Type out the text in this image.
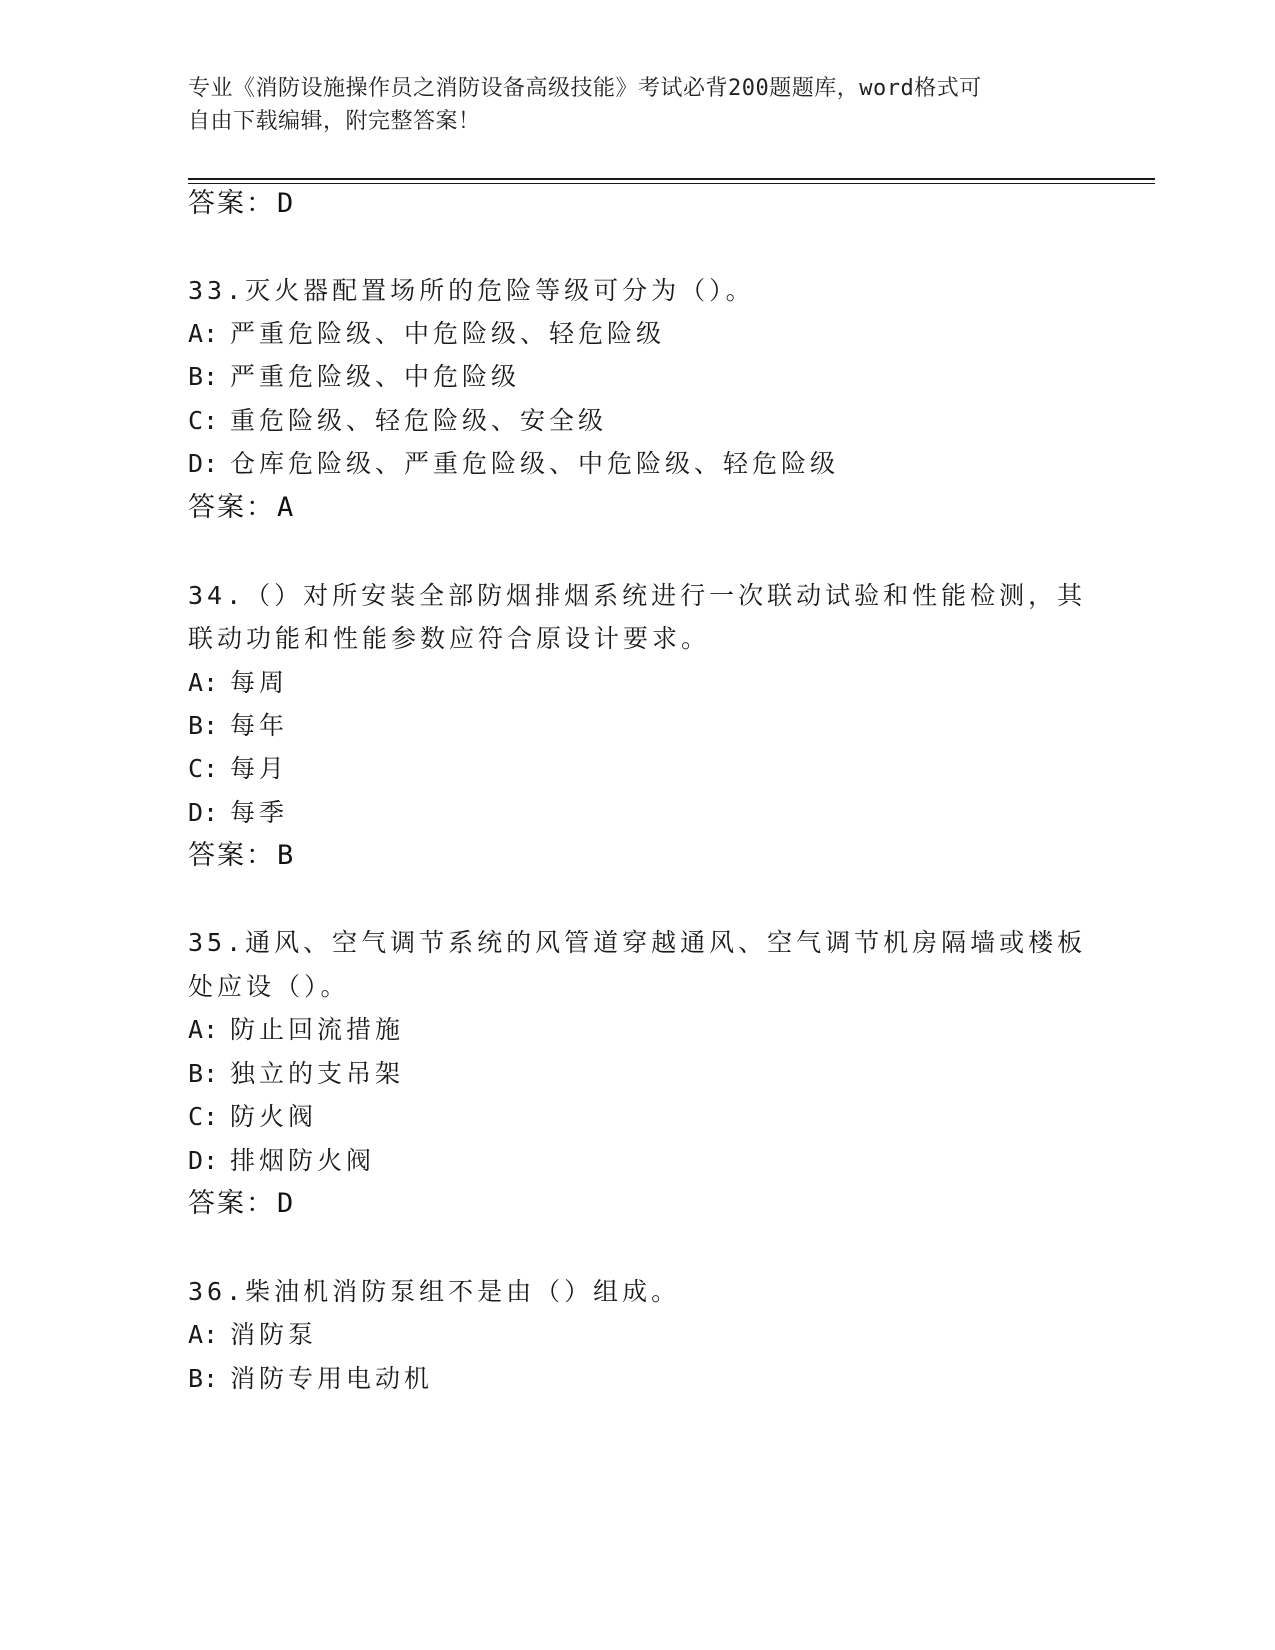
专业《消防设施操作员之消防设备高级技能》考试必背200题题库，word格式可
自由下载编辑，附完整答案！
答案：D
33.灭火器配置场所的危险等级可分为（）。
A: 严重危险级、中危险级、轻危险级
B: 严重危险级、中危险级
C: 重危险级、轻危险级、安全级
D: 仓库危险级、严重危险级、中危险级、轻危险级
答案：A
34.（）对所安装全部防烟排烟系统进行一次联动试验和性能检测，其
联动功能和性能参数应符合原设计要求。
A: 每周
B: 每年
C: 每月
D: 每季
答案：B
35.通风、空气调节系统的风管道穿越通风、空气调节机房隔墙或楼板
处应设（）。
A: 防止回流措施
B: 独立的支吊架
C: 防火阀
D: 排烟防火阀
答案：D
36.柴油机消防泵组不是由（）组成。
A: 消防泵
B: 消防专用电动机
